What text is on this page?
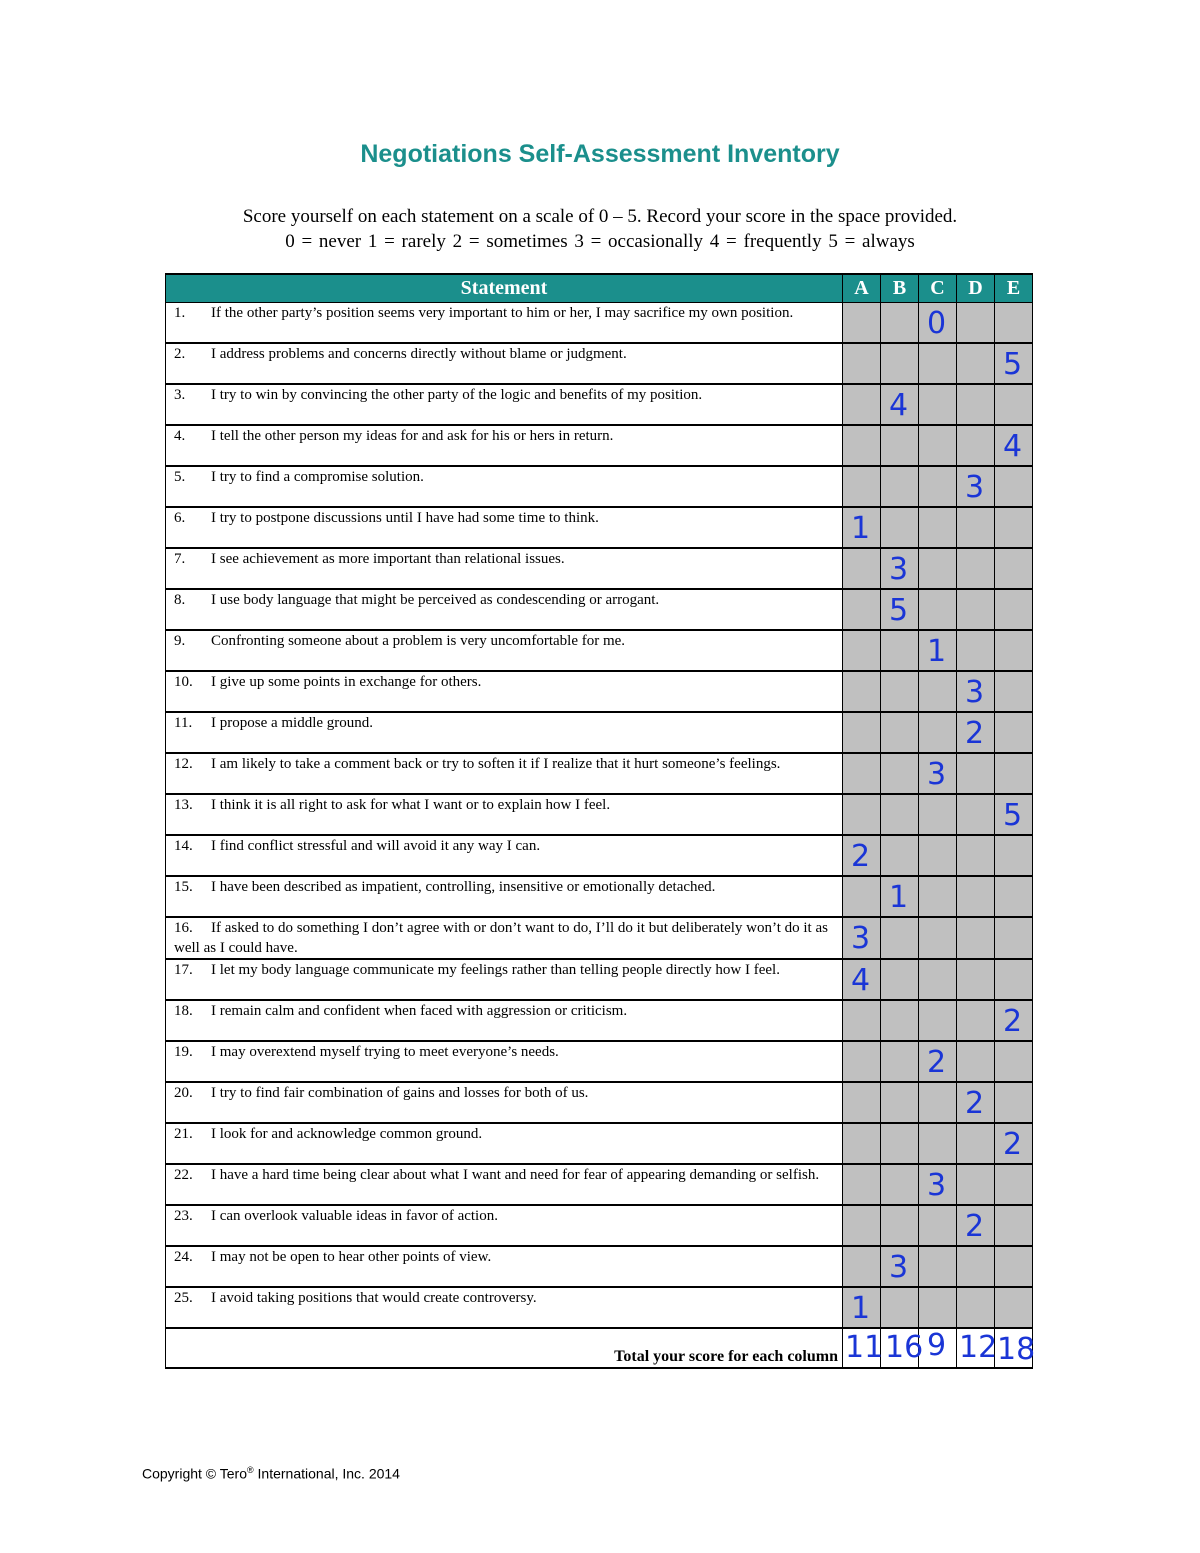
Negotiations Self-Assessment Inventory
Score yourself on each statement on a scale of 0 – 5. Record your score in the space provided.
0 = never 1 = rarely 2 = sometimes 3 = occasionally 4 = frequently 5 = always
Statement	A	B	C	D	E
1. If the other party’s position seems very important to him or her, I may sacrifice my own position.			0		

2. I address problems and concerns directly without blame or judgment.					5

3. I try to win by convincing the other party of the logic and benefits of my position.		4			

4. I tell the other person my ideas for and ask for his or hers in return.					4

5. I try to find a compromise solution.				3	

6. I try to postpone discussions until I have had some time to think.	1				

7. I see achievement as more important than relational issues.		3			

8. I use body language that might be perceived as condescending or arrogant.		5			

9. Confronting someone about a problem is very uncomfortable for me.			1		

10. I give up some points in exchange for others.				3	

11. I propose a middle ground.				2	

12. I am likely to take a comment back or try to soften it if I realize that it hurt someone’s feelings.			3		

13. I think it is all right to ask for what I want or to explain how I feel.					5

14. I find conflict stressful and will avoid it any way I can.	2				

15. I have been described as impatient, controlling, insensitive or emotionally detached.		1			

16. If asked to do something I don’t agree with or don’t want to do, I’ll do it but deliberately won’t do it as well as I could have.	3				

17. I let my body language communicate my feelings rather than telling people directly how I feel.	4				

18. I remain calm and confident when faced with aggression or criticism.					2

19. I may overextend myself trying to meet everyone’s needs.			2		

20. I try to find fair combination of gains and losses for both of us.				2	

21. I look for and acknowledge common ground.					2

22. I have a hard time being clear about what I want and need for fear of appearing demanding or selfish.			3		

23. I can overlook valuable ideas in favor of action.				2	

24. I may not be open to hear other points of view.		3			

25. I avoid taking positions that would create controversy.	1				

Total your score for each column	11	16	9	12	18
Copyright © Tero® International, Inc. 2014
